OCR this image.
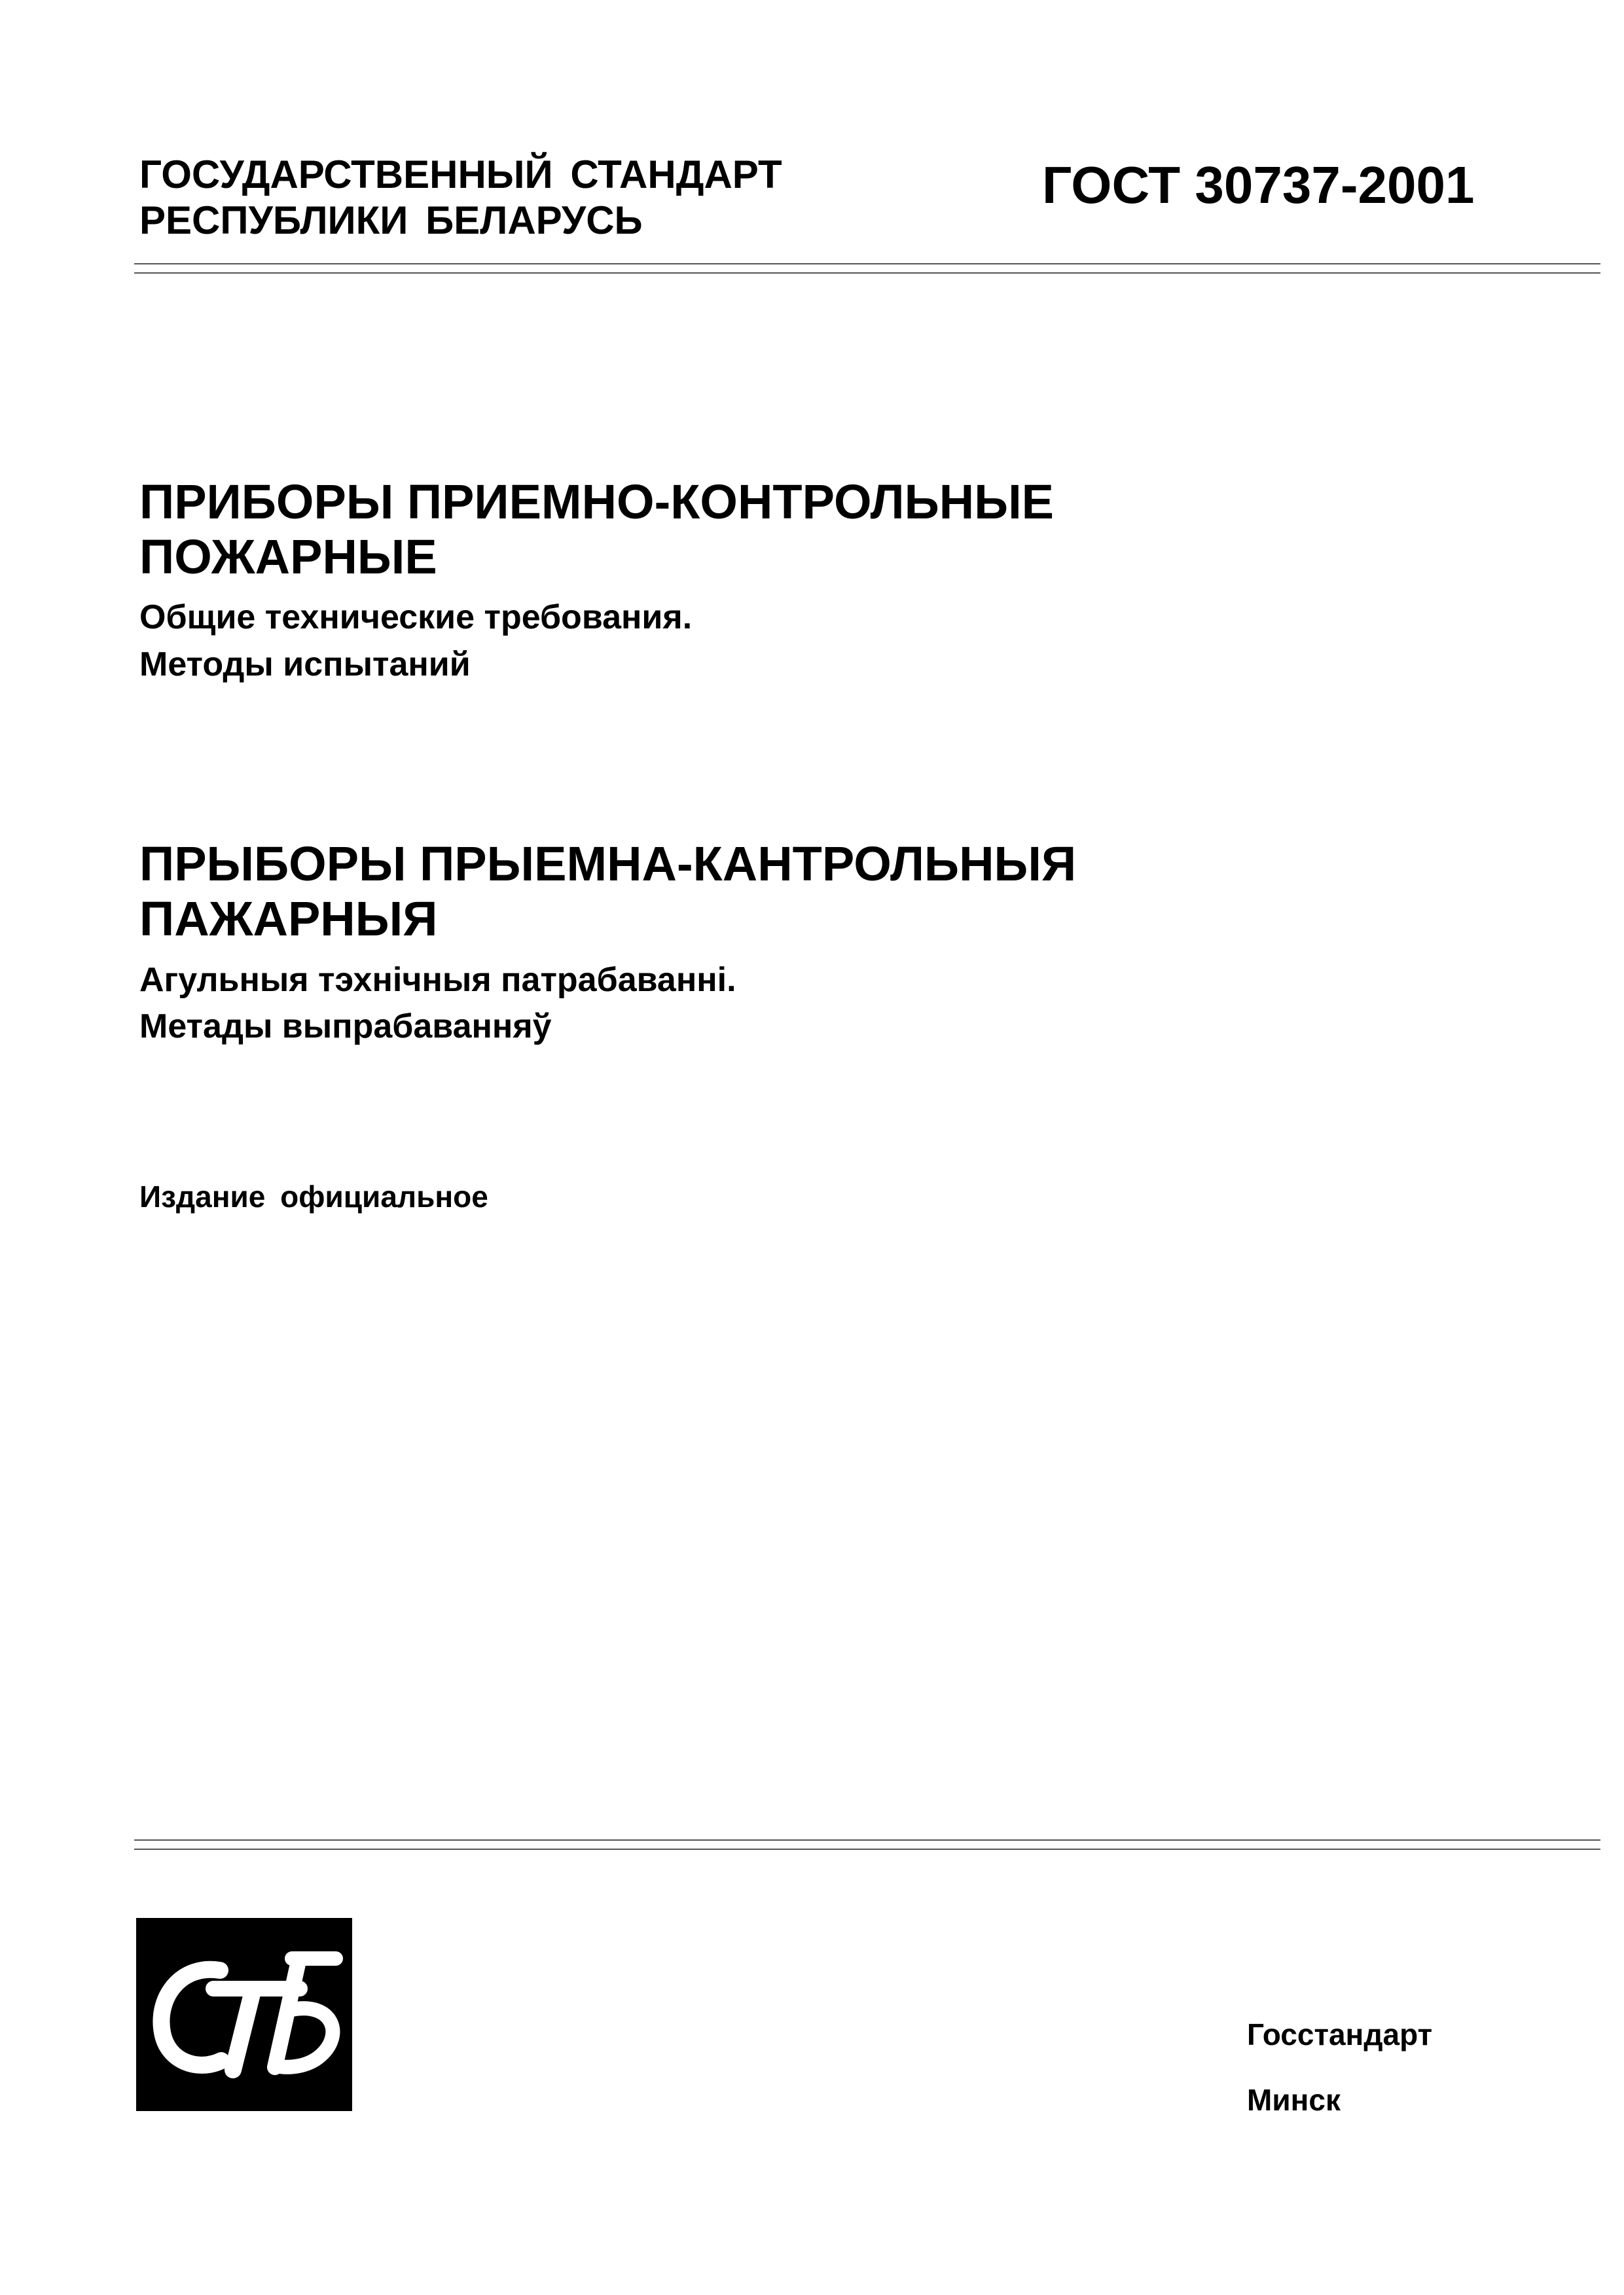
ГОСУДАРСТВЕННЫЙ СТАНДАРТ
РЕСПУБЛИКИ БЕЛАРУСЬ
ГОСТ 30737-2001
ПРИБОРЫ ПРИЕМНО-КОНТРОЛЬНЫЕ
ПОЖАРНЫЕ
Общие технические требования.
Методы испытаний
ПРЫБОРЫ ПРЫЕМНА-КАНТРОЛЬНЫЯ
ПАЖАРНЫЯ
Агульныя тэхнічныя патрабаванні.
Метады выпрабаванняў
Издание официальное
Госстандарт
Минск
